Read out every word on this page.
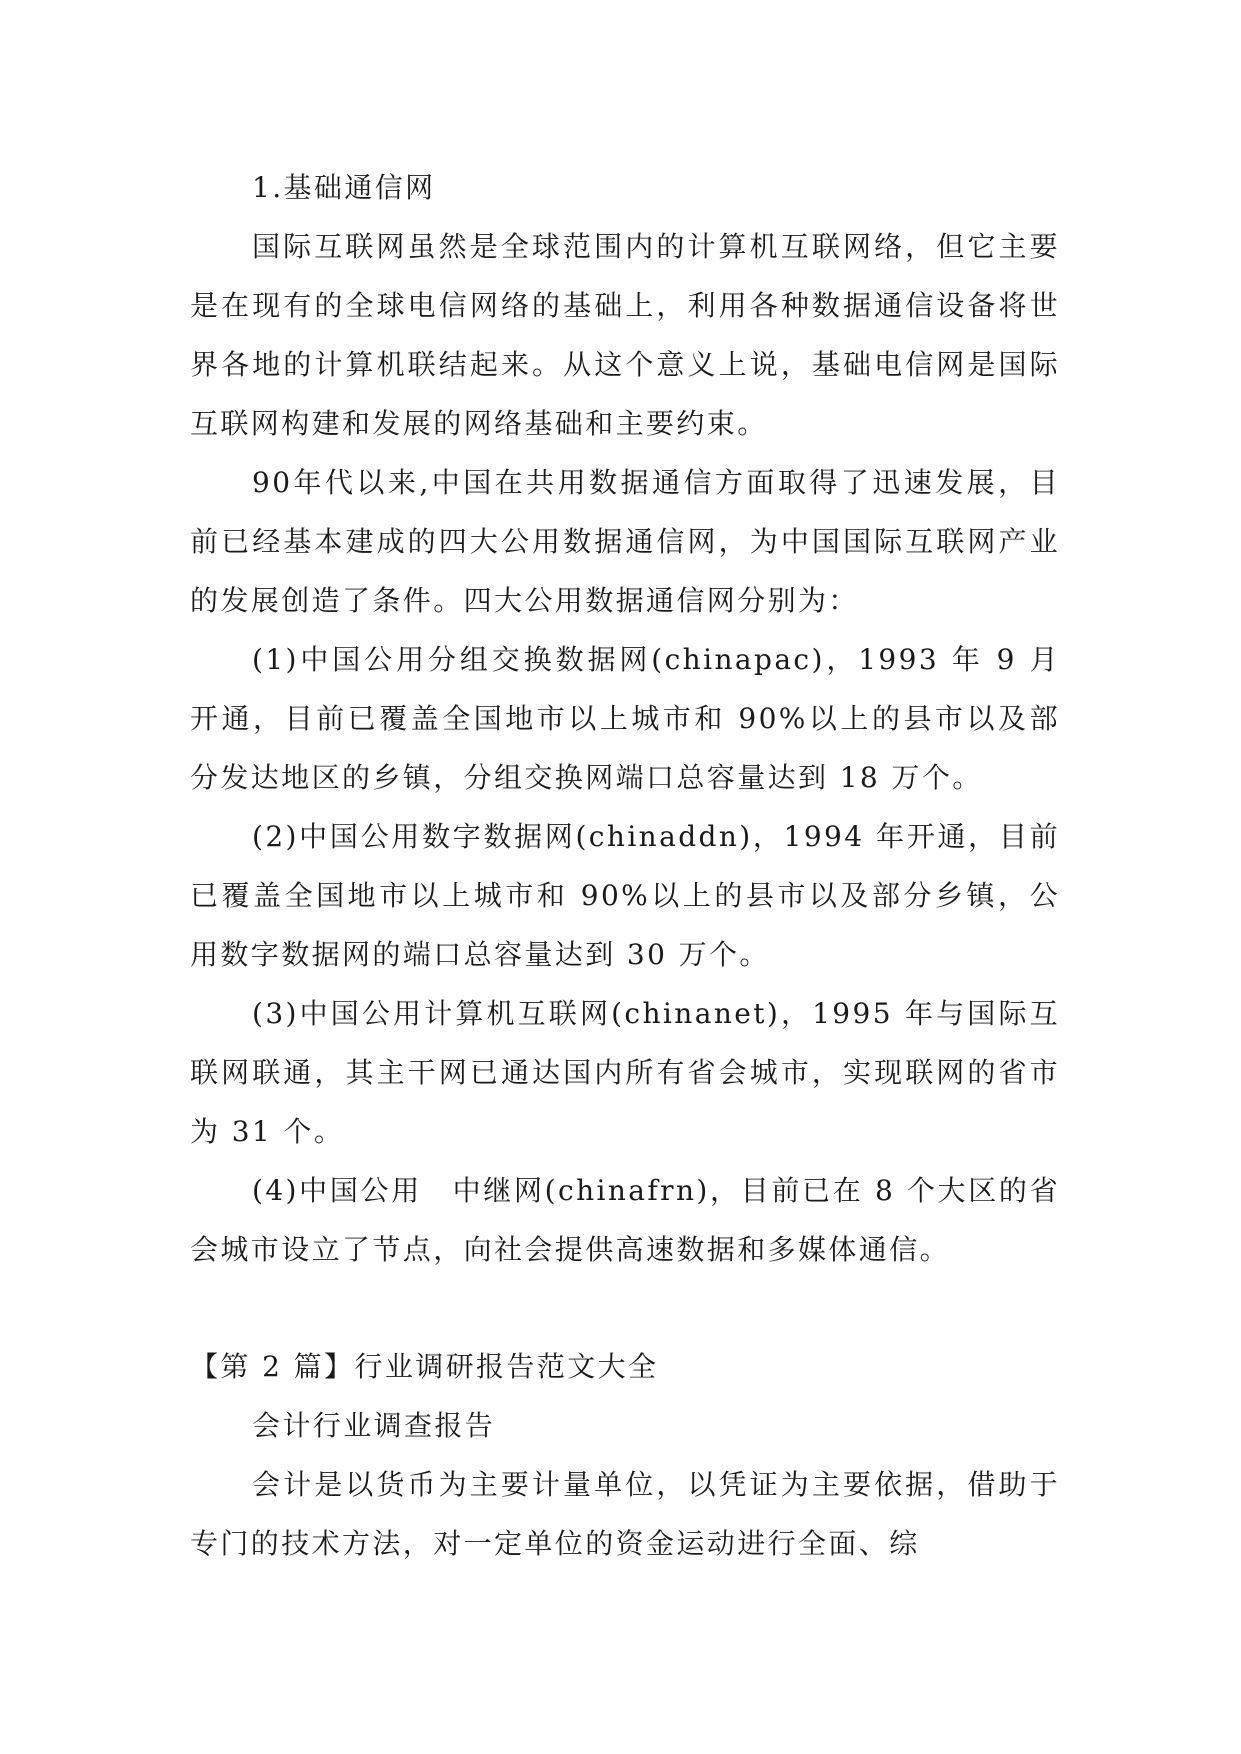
1.基础通信网

国际互联网虽然是全球范围内的计算机互联网络，但它主要是在现有的全球电信网络的基础上，利用各种数据通信设备将世界各地的计算机联结起来。从这个意义上说，基础电信网是国际互联网构建和发展的网络基础和主要约束。

90年代以来,中国在共用数据通信方面取得了迅速发展，目前已经基本建成的四大公用数据通信网，为中国国际互联网产业的发展创造了条件。四大公用数据通信网分别为：

(1)中国公用分组交换数据网(chinapac)，1993 年 9 月开通，目前已覆盖全国地市以上城市和 90%以上的县市以及部分发达地区的乡镇，分组交换网端口总容量达到 18 万个。

(2)中国公用数字数据网(chinaddn)，1994 年开通，目前已覆盖全国地市以上城市和 90%以上的县市以及部分乡镇，公用数字数据网的端口总容量达到 30 万个。

(3)中国公用计算机互联网(chinanet)，1995 年与国际互联网联通，其主干网已通达国内所有省会城市，实现联网的省市为 31 个。

(4)中国公用　中继网(chinafrn)，目前已在 8 个大区的省会城市设立了节点，向社会提供高速数据和多媒体通信。

【第 2 篇】行业调研报告范文大全

会计行业调查报告

会计是以货币为主要计量单位，以凭证为主要依据，借助于专门的技术方法，对一定单位的资金运动进行全面、综
